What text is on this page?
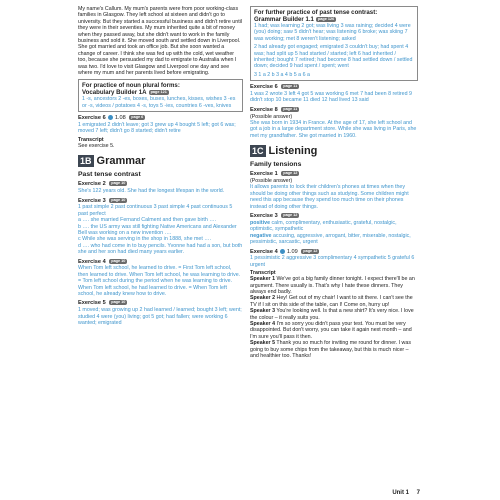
My name's Callum. My mum's parents were from poor working-class families in Glasgow. They left school at sixteen and didn't go to university. But they started a successful business and didn't retire until they were in their seventies. My mum inherited quite a bit of money when they passed away, but she didn't want to work in the family business and sold it. She moved south and settled down in Liverpool. She got married and took an office job. But she soon wanted a change of career. I think she was fed up with the cold, wet weather too, because she persuaded my dad to emigrate to Australia when I was two. I'd love to visit Glasgow and Liverpool one day and see where my mum and her parents lived before emigrating.

For practice of noun plural forms:
Vocabulary Builder 1A page 121

1 -s, ancestors 2 -es, boxes, buses, lunches, kisses, wishes 3 -es or -s, videos / potatoes 4 -s, toys 5 -ies, countries 6 -ves, knives

Exercise 6 1.08 page 6

1 emigrated 2 didn't leave; got 3 grew up 4 bought 5 left; got 6 was; moved 7 left; didn't go 8 started; didn't retire

Transcript

See exercise 5.

1B Grammar
Past tense contrast
Exercise 2 page 10

She's 122 years old. She had the longest lifespan in the world.

Exercise 3 page 10

1 past simple 2 past continuous 3 past simple 4 past continuous 5 past perfect

a …. she married Fernand Calment and then gave birth ….

b …. the US army was still fighting Native Americans and Alexander Bell was working on a new invention ….

c While she was serving in the shop in 1888, she met ….

d …. who had come in to buy pencils. Yvonne had had a son, but both she and her son had died many years earlier.

Exercise 4 page 10

When Tom left school, he learned to drive. = First Tom left school, then learned to drive. When Tom left school, he was learning to drive. = Tom left school during the period when he was learning to drive. When Tom left school, he had learned to drive. = When Tom left school, he already knew how to drive.

Exercise 5 page 10

1 moved; was growing up 2 had learned / learned; bought 3 left; went; studied 4 were (you) living; got 5 got; had fallen; were working 6 wanted; emigrated

For further practice of past tense contrast:
Grammar Builder 1.1 page 126

1 had; was learning 2 got; was living 3 was raining; decided 4 were (you) doing; saw 5 didn't hear; was listening 6 broke; was skiing 7 was working; met 8 weren't listening; asked

2 had already got engaged; emigrated 3 couldn't buy; had spent 4 was; had split up 5 had started / started; left 6 had inherited / inherited; bought 7 retired; had become 8 had settled down / settled down; decided 9 had spent / spent; went

3 1 a 2 b 3 a 4 b 5 a 6 a

Exercise 6 page 11

1 was 2 wrote 3 left 4 got 5 was working 6 met 7 had been 8 retired 9 didn't stop 10 became 11 died 12 had lived 13 said

Exercise 8 page 11

(Possible answer)

She was born in 1934 in France. At the age of 17, she left school and got a job in a large department store. While she was living in Paris, she met my grandfather. She got married in 1960.

1C Listening
Family tensions
Exercise 1 page 12

(Possible answer)

It allows parents to lock their children's phones at times when they should be doing other things such as studying. Some children might need this app because they spend too much time on their phones instead of doing other things.

Exercise 3 page 12

positive calm, complimentary, enthusiastic, grateful, nostalgic, optimistic, sympathetic

negative accusing, aggressive, arrogant, bitter, miserable, nostalgic, pessimistic, sarcastic, urgent

Exercise 4 1.09 page 12

1 pessimistic 2 aggressive 3 complimentary 4 sympathetic 5 grateful 6 urgent

Transcript

Speaker 1 We've got a big family dinner tonight. I expect there'll be an argument. There usually is. That's why I hate these dinners. They always end badly.

Speaker 2 Hey! Get out of my chair! I want to sit there. I can't see the TV if I sit on this side of the table, can I! Come on, hurry up!

Speaker 3 You're looking well. Is that a new shirt? It's very nice. I love the colour – it really suits you.

Speaker 4 I'm so sorry you didn't pass your test. You must be very disappointed. But don't worry, you can take it again next month – and I'm sure you'll pass it then.

Speaker 5 Thank you so much for inviting me round for dinner. I was going to buy some chips from the takeaway, but this is much nicer – and healthier too. Thanks!

Unit 1 7
